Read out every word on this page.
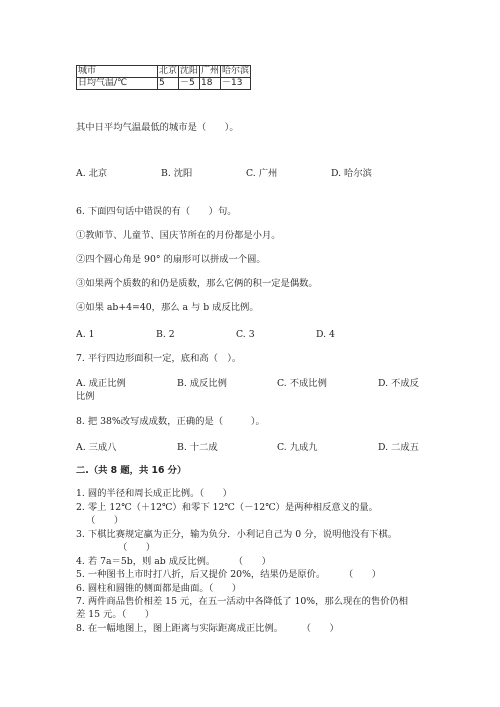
城市	北京	沈阳	广州	哈尔滨
日均气温/℃	5	－5	18	－13
其中日平均气温最低的城市是（　　）。
A. 北京	B. 沈阳	C. 广州	D. 哈尔滨
6. 下面四句话中错误的有（　　）句。
①教师节、儿童节、国庆节所在的月份都是小月。
②四个圆心角是 90° 的扇形可以拼成一个圆。
③如果两个质数的和仍是质数，那么它俩的积一定是偶数。
④如果 ab+4=40，那么 a 与 b 成反比例。
A. 1	B. 2	C. 3	D. 4
7. 平行四边形面积一定，底和高（　）。
A. 成正比例	B. 成反比例	C. 不成比例	D. 不成反
比例
8. 把 38%改写成成数，正确的是（　　　）。
A. 三成八	B. 十二成	C. 九成九	D. 二成五
二.（共 8 题，共 16 分）
1. 圆的半径和周长成正比例。（　　）
2. 零上 12℃（＋12℃）和零下 12℃（－12℃）是两种相反意义的量。
（　　）
3. 下棋比赛规定赢为正分，输为负分．小利记自己为 0 分，说明他没有下棋。
（　　）
4. 若 7a＝5b，则 ab 成反比例。　　　（　　）
5. 一种图书上市时打八折，后又提价 20%，结果仍是原价。　　　（　　）
6. 圆柱和圆锥的侧面都是曲面。（　　）
7. 两件商品售价相差 15 元，在五一活动中各降低了 10%，那么现在的售价仍相
差 15 元。（　　）
8. 在一幅地图上，图上距离与实际距离成正比例。　　　（　　）
